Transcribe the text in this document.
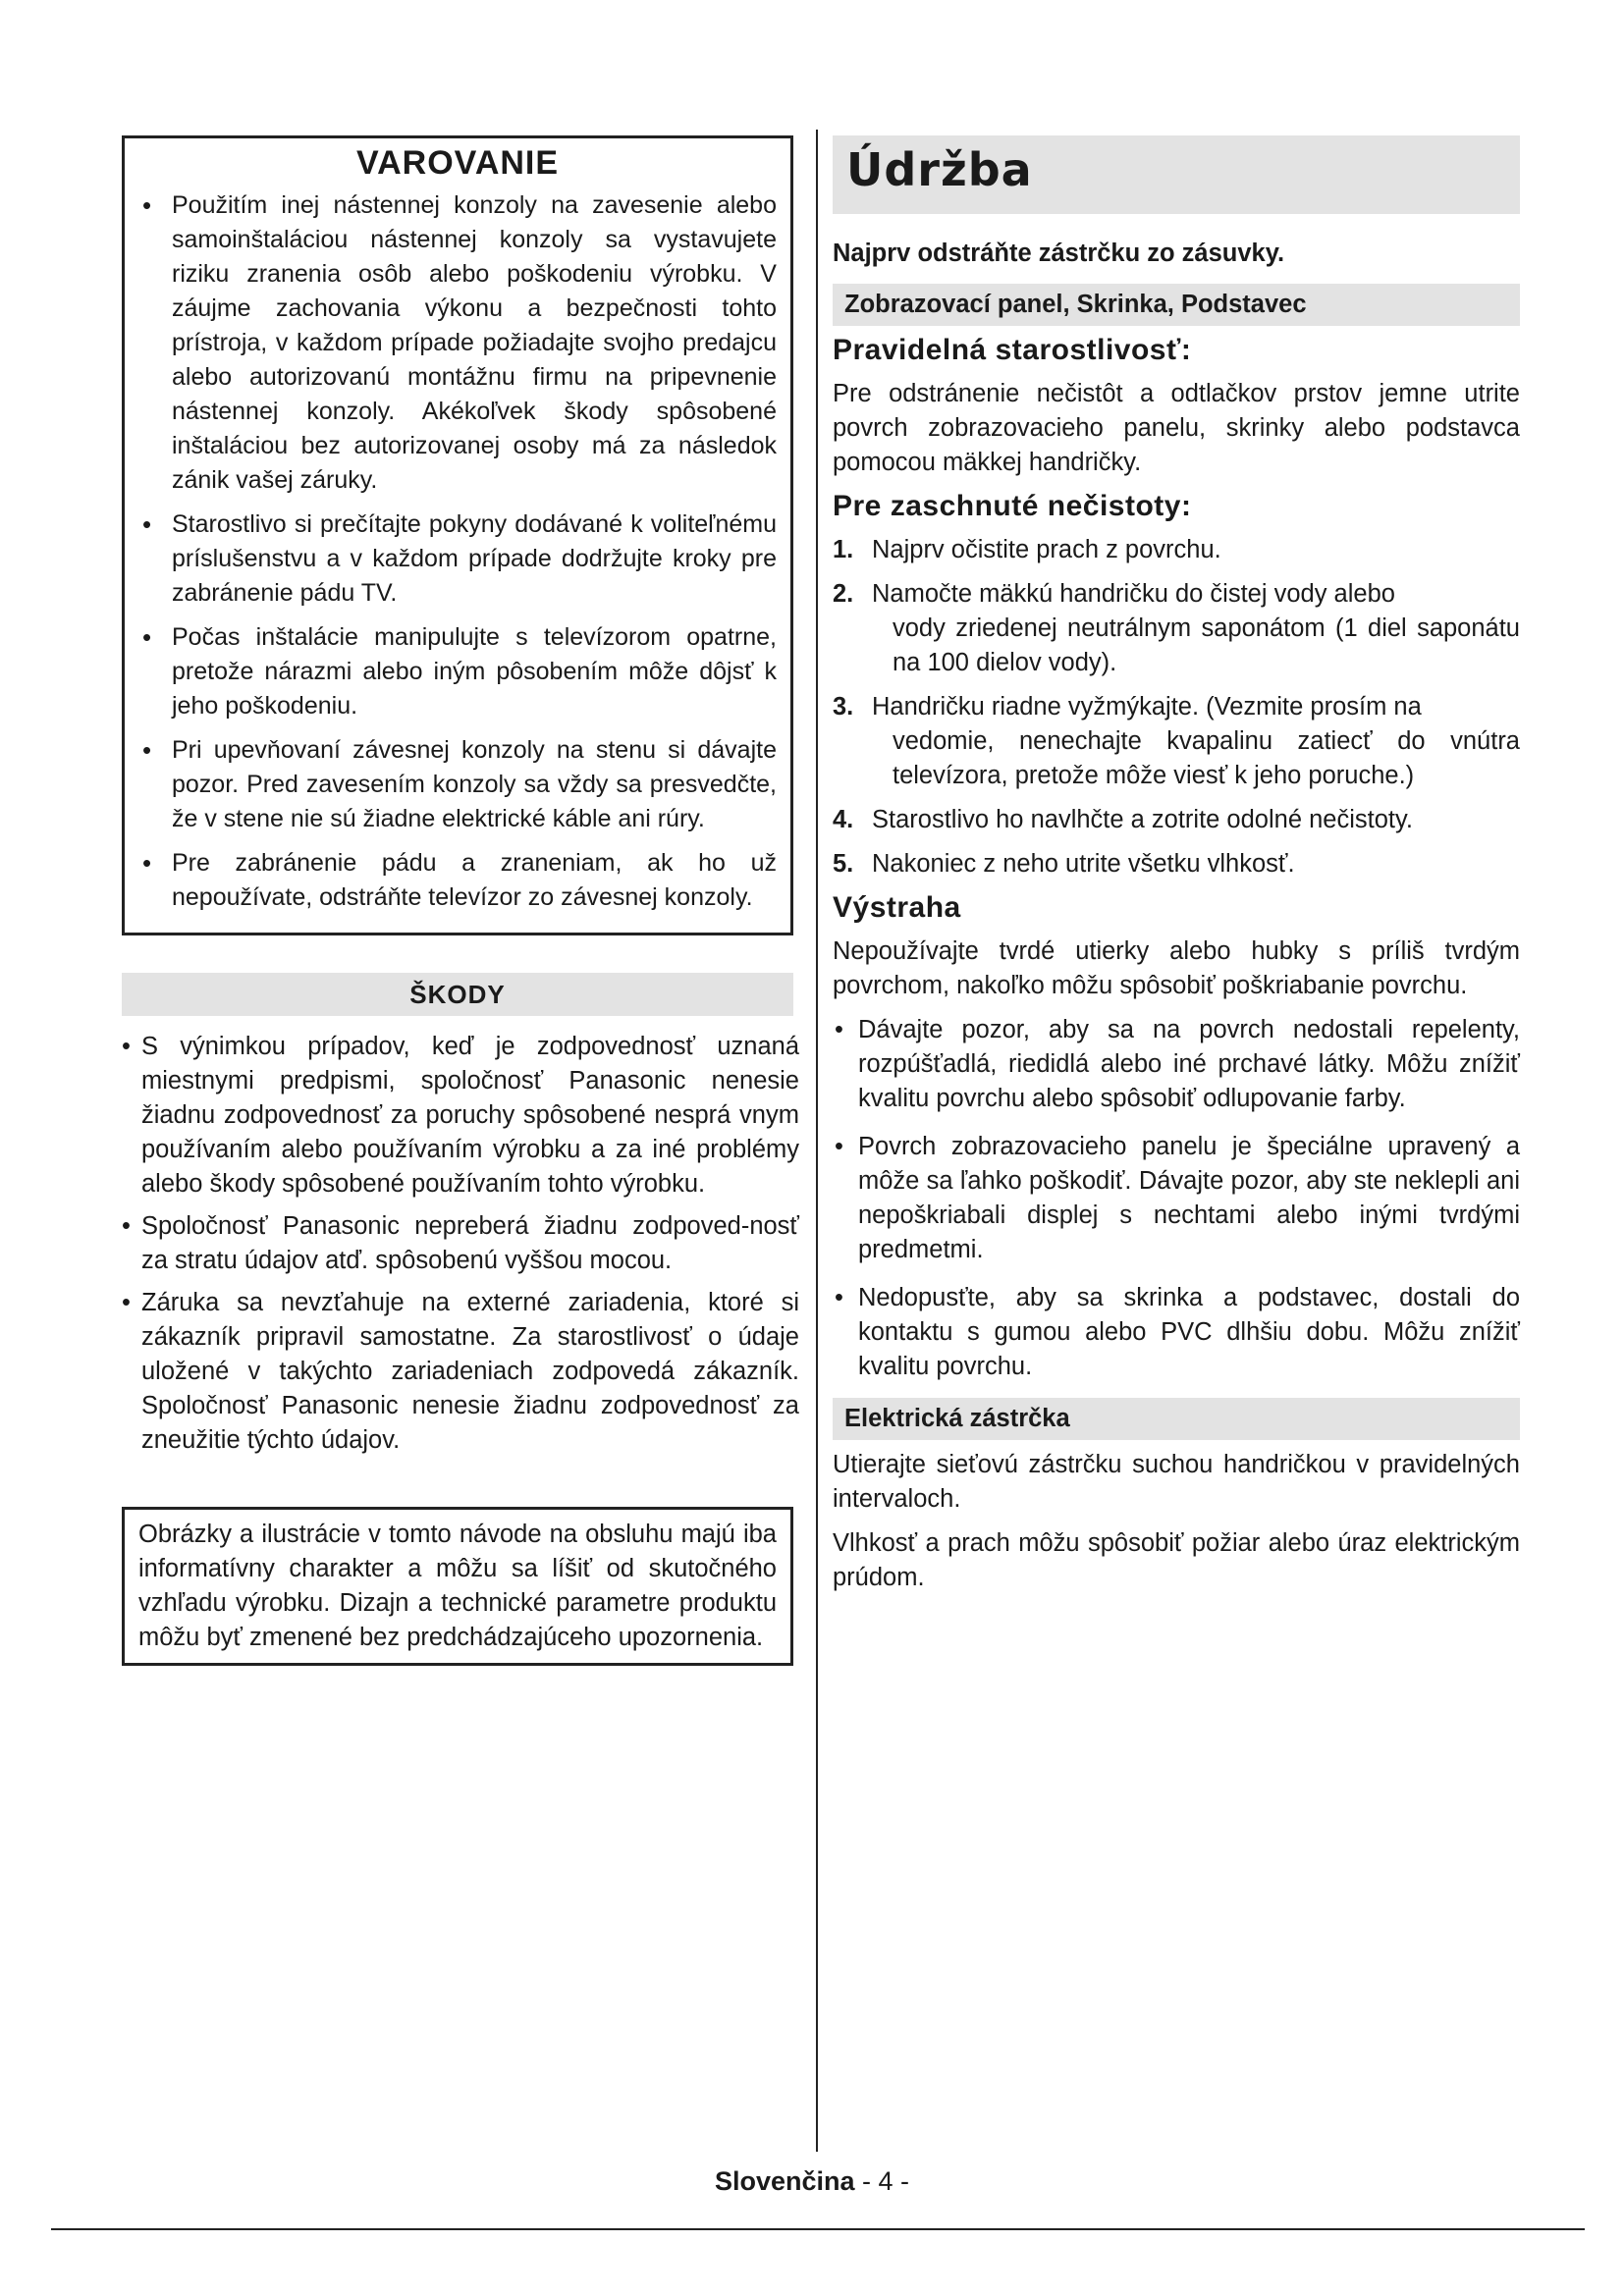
VAROVANIE
• Použitím inej nástennej konzoly na zavesenie alebo samoinštaláciou nástennej konzoly sa vystavujete riziku zranenia osôb alebo poškodeniu výrobku. V záujme zachovania výkonu a bezpečnosti tohto prístroja, v každom prípade požiadajte svojho predajcu alebo autorizovanú montážnu firmu na pripevnenie nástennej konzoly. Akékoľvek škody spôsobené inštaláciou bez autorizovanej osoby má za následok zánik vašej záruky.
• Starostlivo si prečítajte pokyny dodávané k voliteľnému príslušenstvu a v každom prípade dodržujte kroky pre zabránenie pádu TV.
• Počas inštalácie manipulujte s televízorom opatrne, pretože nárazmi alebo iným pôsobením môže dôjsť k jeho poškodeniu.
• Pri upevňovaní závesnej konzoly na stenu si dávajte pozor. Pred zavesením konzoly sa vždy sa presvedčte, že v stene nie sú žiadne elektrické káble ani rúry.
• Pre zabránenie pádu a zraneniam, ak ho už nepoužívate, odstráňte televízor zo závesnej konzoly.
ŠKODY
• S výnimkou prípadov, keď je zodpovednosť uznaná miestnymi predpismi, spoločnosť Panasonic nenesie žiadnu zodpovednosť za poruchy spôsobené nesprá vnym používaním alebo používaním výrobku a za iné problémy alebo škody spôsobené používaním tohto výrobku.
• Spoločnosť Panasonic nepreberá žiadnu zodpoved-nosť za stratu údajov atď. spôsobenú vyššou mocou.
• Záruka sa nevzťahuje na externé zariadenia, ktoré si zákazník pripravil samostatne. Za starostlivosť o údaje uložené v takýchto zariadeniach zodpovedá zákazník. Spoločnosť Panasonic nenesie žiadnu zodpovednosť za zneužitie týchto údajov.
Obrázky a ilustrácie v tomto návode na obsluhu majú iba informatívny charakter a môžu sa líšiť od skutočného vzhľadu výrobku. Dizajn a technické parametre produktu môžu byť zmenené bez predchádzajúceho upozornenia.
Údržba
Najprv odstráňte zástrčku zo zásuvky.
Zobrazovací panel, Skrinka, Podstavec
Pravidelná starostlivosť:

Pre odstránenie nečistôt a odtlačkov prstov jemne utrite povrch zobrazovacieho panelu, skrinky alebo podstavca pomocou mäkkej handričky.

Pre zaschnuté nečistoty:
1. Najprv očistite prach z povrchu.
2. Namočte mäkkú handričku do čistej vody alebo
vody zriedenej neutrálnym saponátom (1 diel saponátu na 100 dielov vody).
3. Handričku riadne vyžmýkajte. (Vezmite prosím na
vedomie, nenechajte kvapalinu zatiecť do vnútra televízora, pretože môže viesť k jeho poruche.)
4. Starostlivo ho navlhčte a zotrite odolné nečistoty.
5. Nakoniec z neho utrite všetku vlhkosť.
Výstraha

Nepoužívajte tvrdé utierky alebo hubky s príliš tvrdým povrchom, nakoľko môžu spôsobiť poškriabanie povrchu.

• Dávajte pozor, aby sa na povrch nedostali repelenty, rozpúšťadlá, riedidlá alebo iné prchavé látky. Môžu znížiť kvalitu povrchu alebo spôsobiť odlupovanie farby.
• Povrch zobrazovacieho panelu je špeciálne upravený a môže sa ľahko poškodiť. Dávajte pozor, aby ste neklepli ani nepoškriabali displej s nechtami alebo inými tvrdými predmetmi.
• Nedopusťte, aby sa skrinka a podstavec, dostali do kontaktu s gumou alebo PVC dlhšiu dobu. Môžu znížiť kvalitu povrchu.
Elektrická zástrčka

Utierajte sieťovú zástrčku suchou handričkou v pravidelných intervaloch.

Vlhkosť a prach môžu spôsobiť požiar alebo úraz elektrickým prúdom.

Slovenčina - 4 -
